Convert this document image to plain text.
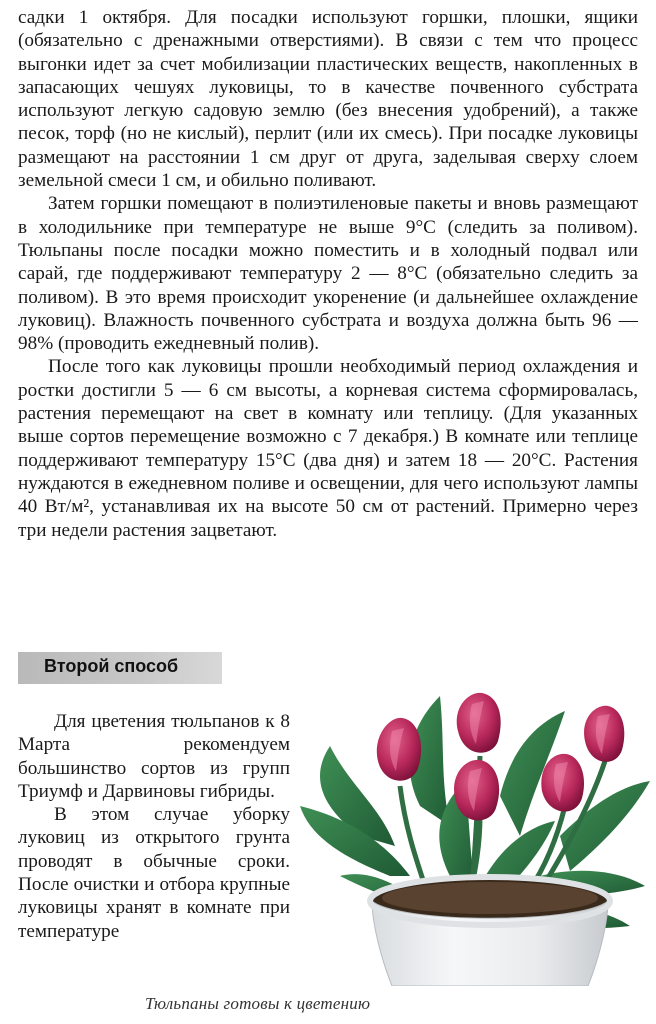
садки 1 октября. Для посадки используют горшки, плошки, ящики (обязательно с дренажными отверстиями). В связи с тем что процесс выгонки идет за счет мобилизации пластических веществ, накопленных в запасающих чешуях луковицы, то в качестве почвенного субстрата используют легкую садовую землю (без внесения удобрений), а также песок, торф (но не кислый), перлит (или их смесь). При посадке луковицы размещают на расстоянии 1 см друг от друга, заделывая сверху слоем земельной смеси 1 см, и обильно поливают.

Затем горшки помещают в полиэтиленовые пакеты и вновь размещают в холодильнике при температуре не выше 9°С (следить за поливом). Тюльпаны после посадки можно поместить и в холодный подвал или сарай, где поддерживают температуру 2 — 8°С (обязательно следить за поливом). В это время происходит укоренение (и дальнейшее охлаждение луковиц). Влажность почвенного субстрата и воздуха должна быть 96 — 98% (проводить ежедневный полив).

После того как луковицы прошли необходимый период охлаждения и ростки достигли 5 — 6 см высоты, а корневая система сформировалась, растения перемещают на свет в комнату или теплицу. (Для указанных выше сортов перемещение возможно с 7 декабря.) В комнате или теплице поддерживают температуру 15°С (два дня) и затем 18 — 20°С. Растения нуждаются в ежедневном поливе и освещении, для чего используют лампы 40 Вт/м², устанавливая их на высоте 50 см от растений. Примерно через три недели растения зацветают.

Второй способ

Для цветения тюльпанов к 8 Марта рекомендуем большинство сортов из групп Триумф и Дарвиновы гибриды.

В этом случае уборку луковиц из открытого грунта проводят в обычные сроки. После очистки и отбора крупные луковицы хранят в комнате при температуре

Тюльпаны готовы к цветению
